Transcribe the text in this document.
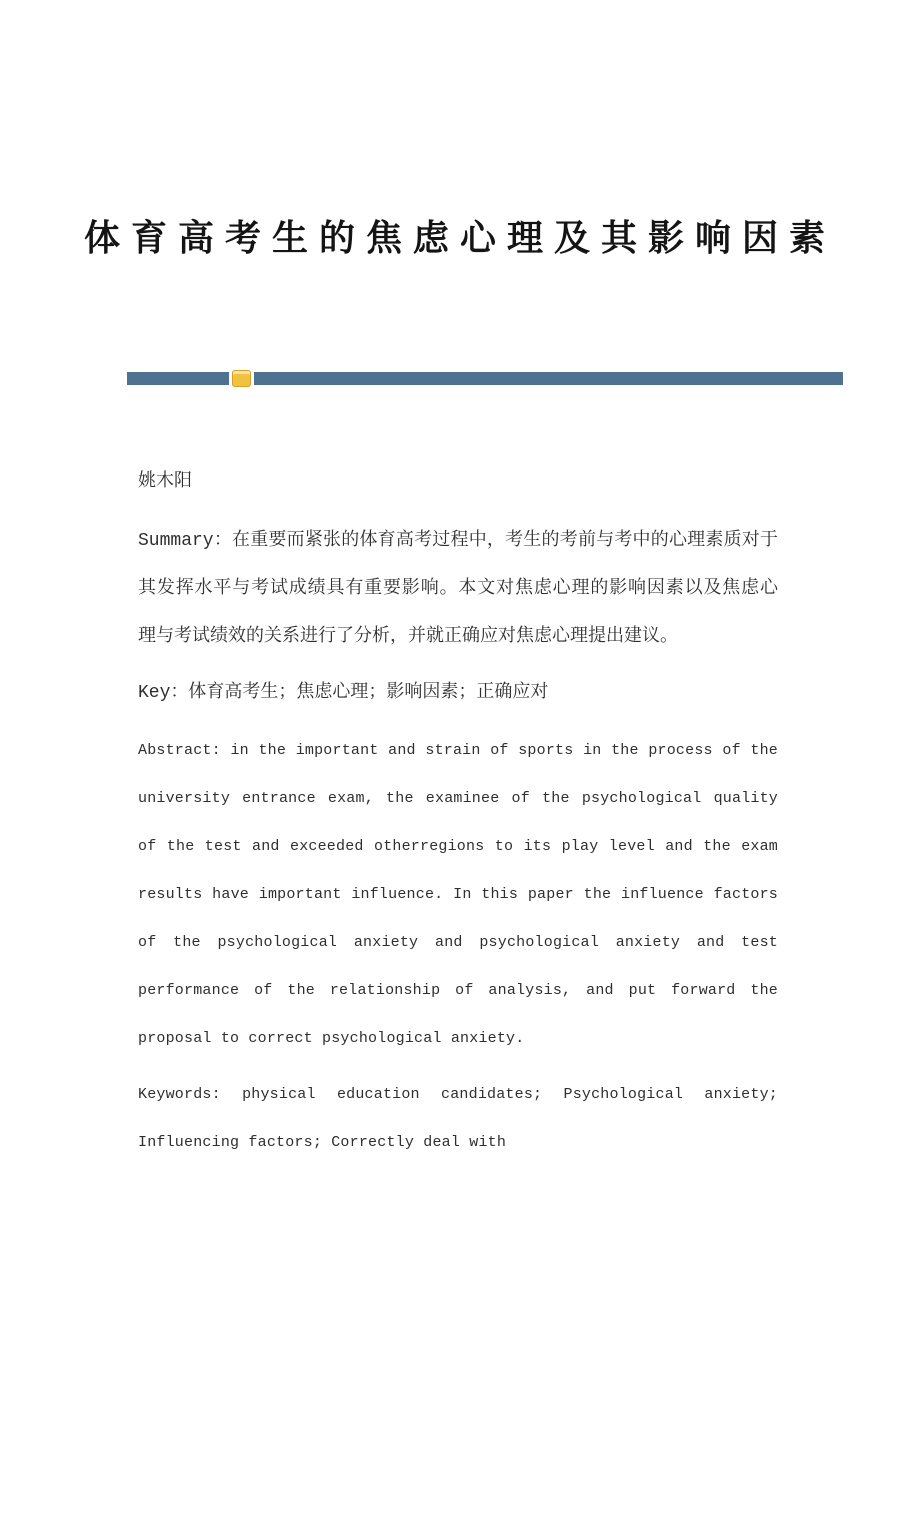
体育高考生的焦虑心理及其影响因素
姚木阳
Summary：在重要而紧张的体育高考过程中，考生的考前与考中的心理素质对于
其发挥水平与考试成绩具有重要影响。本文对焦虑心理的影响因素以及焦虑心
理与考试绩效的关系进行了分析，并就正确应对焦虑心理提出建议。
Key：体育高考生；焦虑心理；影响因素；正确应对
Abstract: in the important and strain of sports in the process of the
university entrance exam, the examinee of the psychological quality
of the test and exceeded otherregions to its play level and the exam
results have important influence. In this paper the influence factors
of the psychological anxiety and psychological anxiety and test
performance of the relationship of analysis, and put forward the
proposal to correct psychological anxiety.
Keywords: physical education candidates; Psychological anxiety;
Influencing factors; Correctly deal with
